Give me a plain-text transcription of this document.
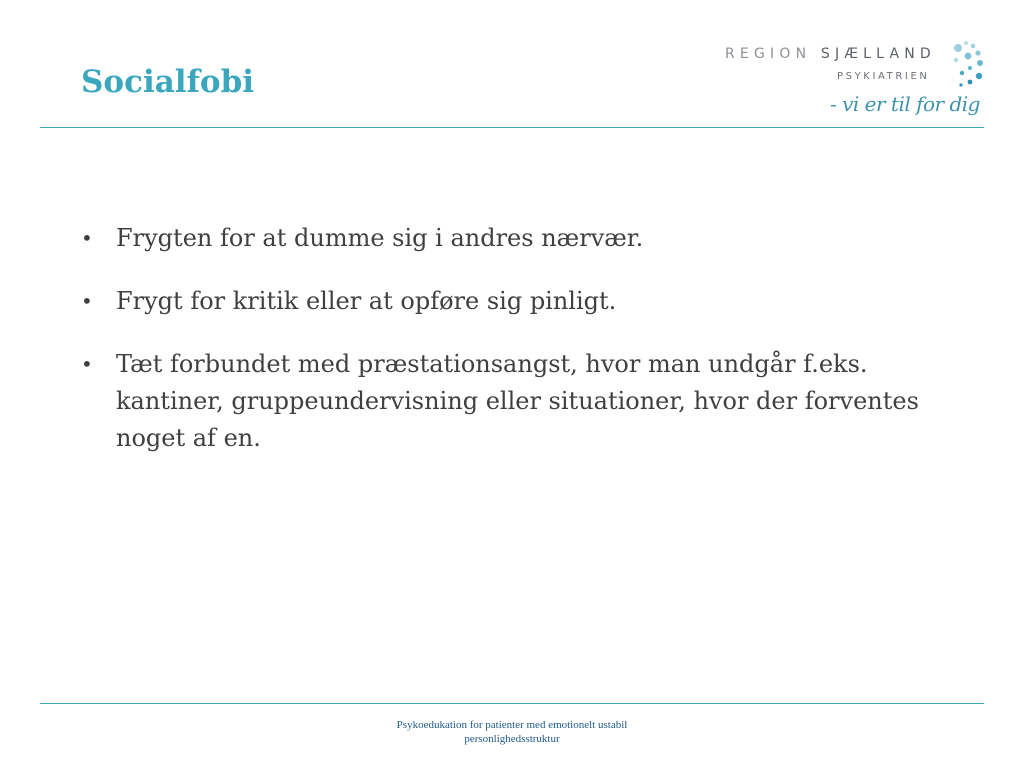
Socialfobi
REGION SJÆLLAND
PSYKIATRIEN
- vi er til for dig
• Frygten for at dumme sig i andres nærvær.
• Frygt for kritik eller at opføre sig pinligt.
• Tæt forbundet med præstationsangst, hvor man undgår f.eks. kantiner, gruppeundervisning eller situationer, hvor der forventes noget af en.
Psykoedukation for patienter med emotionelt ustabil
personlighedsstruktur
